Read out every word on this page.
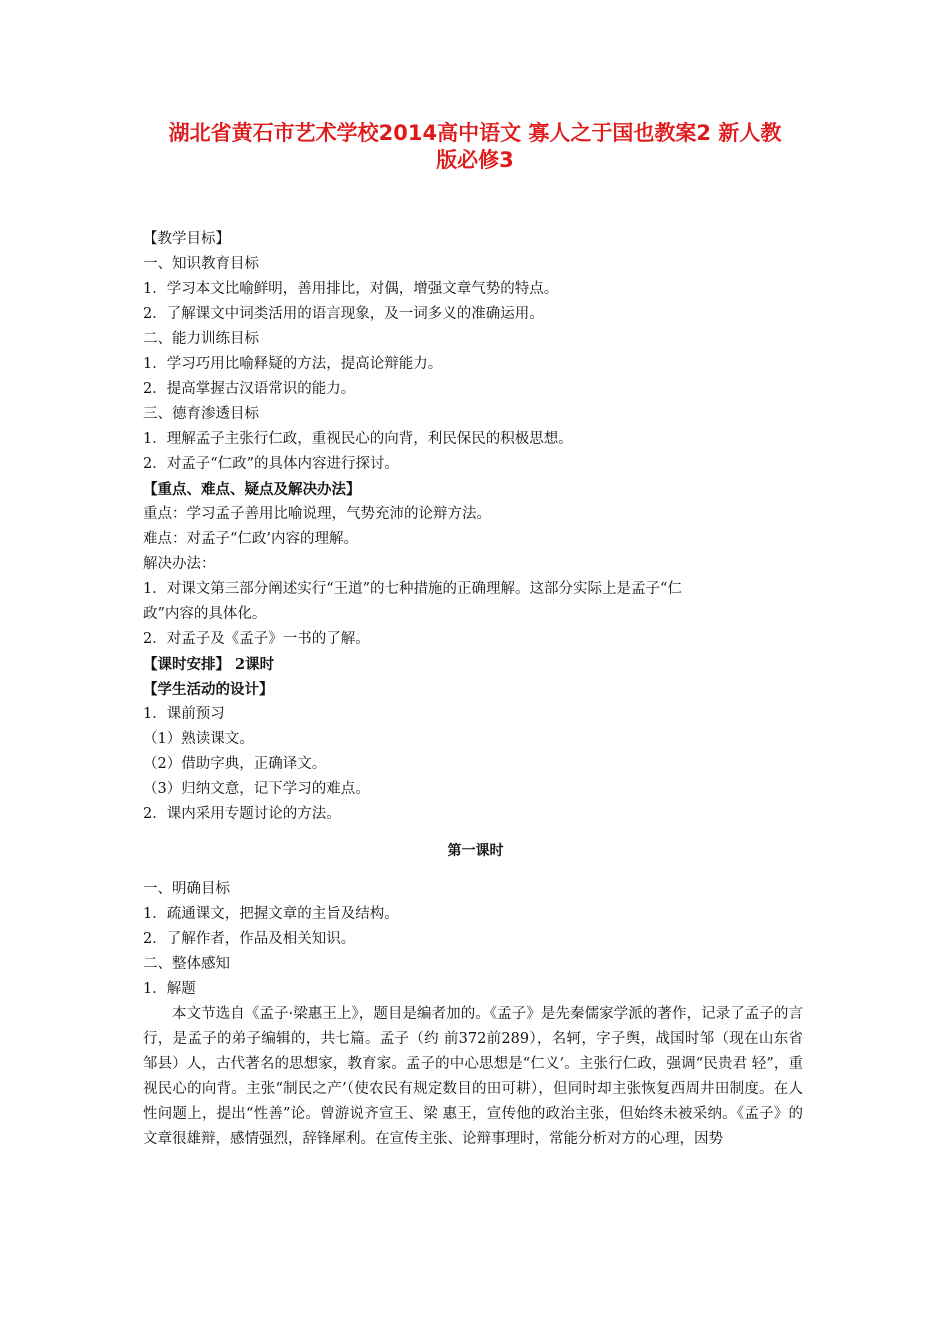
湖北省黄石市艺术学校2014高中语文 寡人之于国也教案2 新人教
版必修3
【教学目标】
一、知识教育目标
1．学习本文比喻鲜明，善用排比，对偶，增强文章气势的特点。
2．了解课文中词类活用的语言现象，及一词多义的准确运用。
二、能力训练目标
1．学习巧用比喻释疑的方法，提高论辩能力。
2．提高掌握古汉语常识的能力。
三、德育渗透目标
1．理解孟子主张行仁政，重视民心的向背，利民保民的积极思想。
2．对孟子“仁政”的具体内容进行探讨。
【重点、难点、疑点及解决办法】
重点：学习孟子善用比喻说理，气势充沛的论辩方法。
难点：对孟子“仁政’内容的理解。
解决办法：
1．对课文第三部分阐述实行“王道”的七种措施的正确理解。这部分实际上是孟子“仁
政”内容的具体化。
2．对孟子及《孟子》一书的了解。
【课时安排】 2课时
【学生活动的设计】
1．课前预习
（1）熟读课文。
（2）借助字典，正确译文。
（3）归纳文意，记下学习的难点。
2．课内采用专题讨论的方法。
第一课时
一、明确目标
1．疏通课文，把握文章的主旨及结构。
2．了解作者，作品及相关知识。
二、整体感知
1．解题
本文节选自《孟子·梁惠王上》，题目是编者加的。《孟子》是先秦儒家学派的著作，记录了孟子的言行，是孟子的弟子编辑的，共七篇。孟子（约 前372前289），名轲，字子舆，战国时邹（现在山东省邹县）人，古代著名的思想家，教育家。孟子的中心思想是“仁义’。主张行仁政，强调“民贵君 轻”，重视民心的向背。主张“制民之产’（使农民有规定数目的田可耕），但同时却主张恢复西周井田制度。在人性问题上，提出“性善”论。曾游说齐宣王、梁 惠王，宣传他的政治主张，但始终未被采纳。《孟子》的文章很雄辩，感情强烈，辞锋犀利。在宣传主张、论辩事理时，常能分析对方的心理，因势
